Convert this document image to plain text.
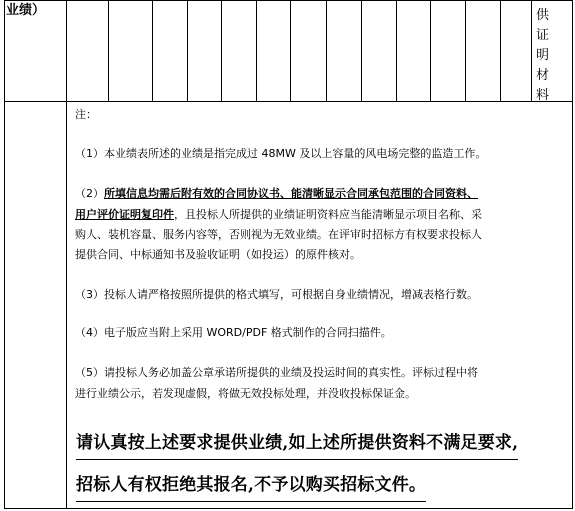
业绩）	供
证
明
材
料
注：
（1）本业绩表所述的业绩是指完成过 48MW 及以上容量的风电场完整的监造工作。
（2）所填信息均需后附有效的合同协议书、能清晰显示合同承包范围的合同资料、
用户评价证明复印件，且投标人所提供的业绩证明资料应当能清晰显示项目名称、采
购人、装机容量、服务内容等，否则视为无效业绩。在评审时招标方有权要求投标人
提供合同、中标通知书及验收证明（如投运）的原件核对。
（3）投标人请严格按照所提供的格式填写，可根据自身业绩情况，增减表格行数。
（4）电子版应当附上采用 WORD/PDF 格式制作的合同扫描件。
（5）请投标人务必加盖公章承诺所提供的业绩及投运时间的真实性。评标过程中将
进行业绩公示，若发现虚假，将做无效投标处理，并没收投标保证金。
请认真按上述要求提供业绩,如上述所提供资料不满足要求,
招标人有权拒绝其报名,不予以购买招标文件。
